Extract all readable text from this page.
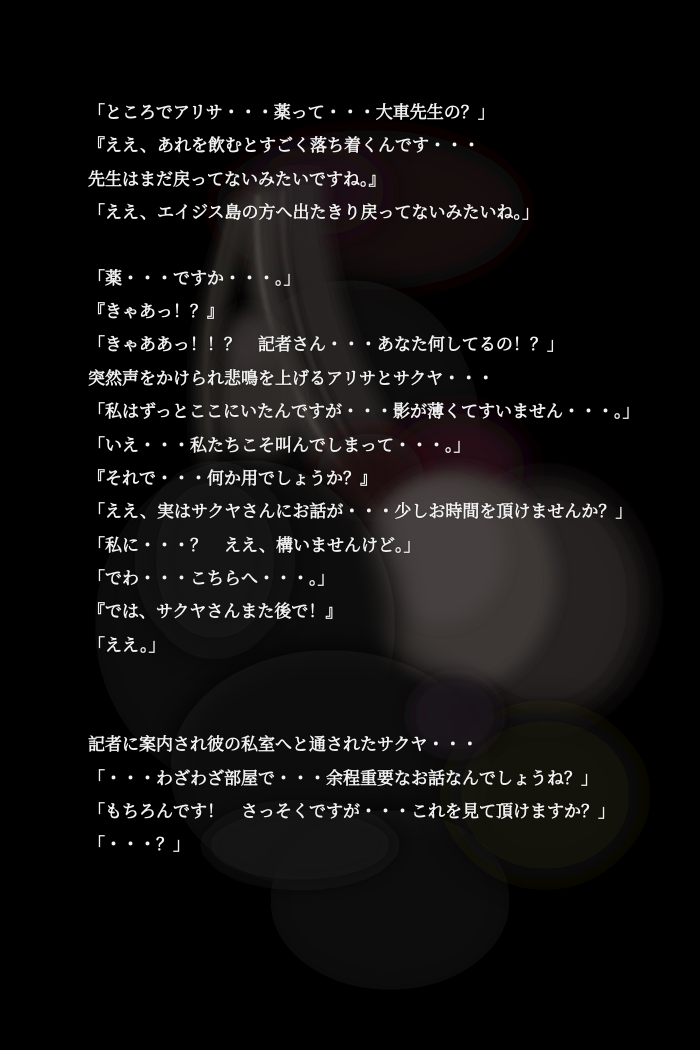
「ところでアリサ・・・薬って・・・大車先生の？」
『ええ、あれを飲むとすごく落ち着くんです・・・
先生はまだ戻ってないみたいですね。』
「ええ、エイジス島の方へ出たきり戻ってないみたいね。」
「薬・・・ですか・・・。」
『きゃあっ！？』
「きゃああっ！！？　記者さん・・・あなた何してるの！？」
突然声をかけられ悲鳴を上げるアリサとサクヤ・・・
「私はずっとここにいたんですが・・・影が薄くてすいません・・・。」
「いえ・・・私たちこそ叫んでしまって・・・。」
『それで・・・何か用でしょうか？』
「ええ、実はサクヤさんにお話が・・・少しお時間を頂けませんか？」
「私に・・・？　ええ、構いませんけど。」
「でわ・・・こちらへ・・・。」
『では、サクヤさんまた後で！』
「ええ。」
記者に案内され彼の私室へと通されたサクヤ・・・
「・・・わざわざ部屋で・・・余程重要なお話なんでしょうね？」
「もちろんです！　さっそくですが・・・これを見て頂けますか？」
「・・・？」
